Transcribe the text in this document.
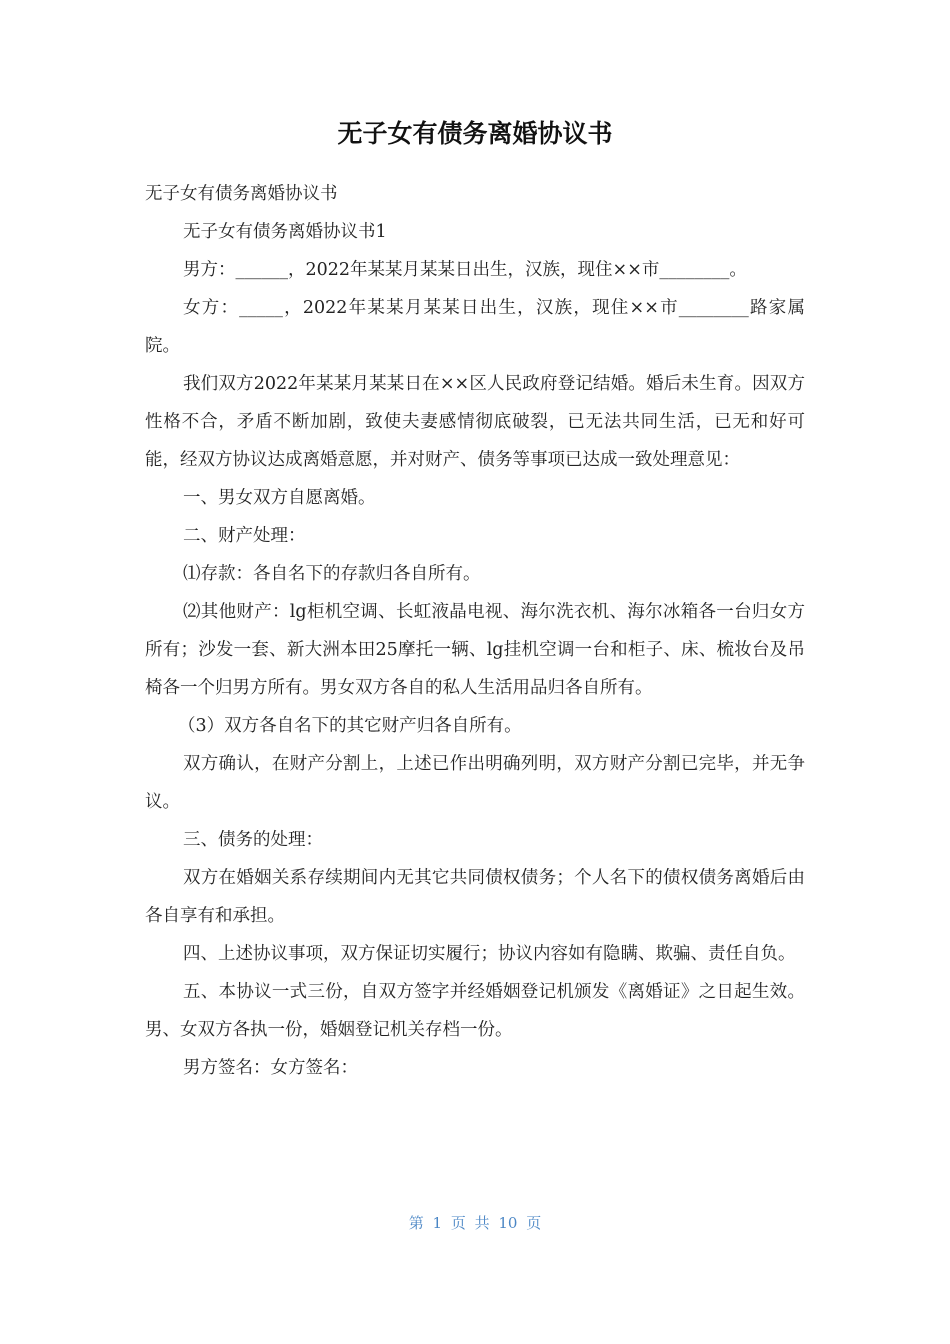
无子女有债务离婚协议书

无子女有债务离婚协议书

无子女有债务离婚协议书1

男方：______，2022年某某月某某日出生，汉族，现住××市________。

女方：_____，2022年某某月某某日出生，汉族，现住××市________路家属院。

我们双方2022年某某月某某日在××区人民政府登记结婚。婚后未生育。因双方性格不合，矛盾不断加剧，致使夫妻感情彻底破裂，已无法共同生活，已无和好可能，经双方协议达成离婚意愿，并对财产、债务等事项已达成一致处理意见：

一、男女双方自愿离婚。

二、财产处理：

⑴存款：各自名下的存款归各自所有。

⑵其他财产：lg柜机空调、长虹液晶电视、海尔洗衣机、海尔冰箱各一台归女方所有；沙发一套、新大洲本田25摩托一辆、lg挂机空调一台和柜子、床、梳妆台及吊椅各一个归男方所有。男女双方各自的私人生活用品归各自所有。

（3）双方各自名下的其它财产归各自所有。

双方确认，在财产分割上，上述已作出明确列明，双方财产分割已完毕，并无争议。

三、债务的处理：

双方在婚姻关系存续期间内无其它共同债权债务；个人名下的债权债务离婚后由各自享有和承担。

四、上述协议事项，双方保证切实履行；协议内容如有隐瞒、欺骗、责任自负。

五、本协议一式三份，自双方签字并经婚姻登记机颁发《离婚证》之日起生效。男、女双方各执一份，婚姻登记机关存档一份。

男方签名：女方签名：

第 1 页 共 10 页
